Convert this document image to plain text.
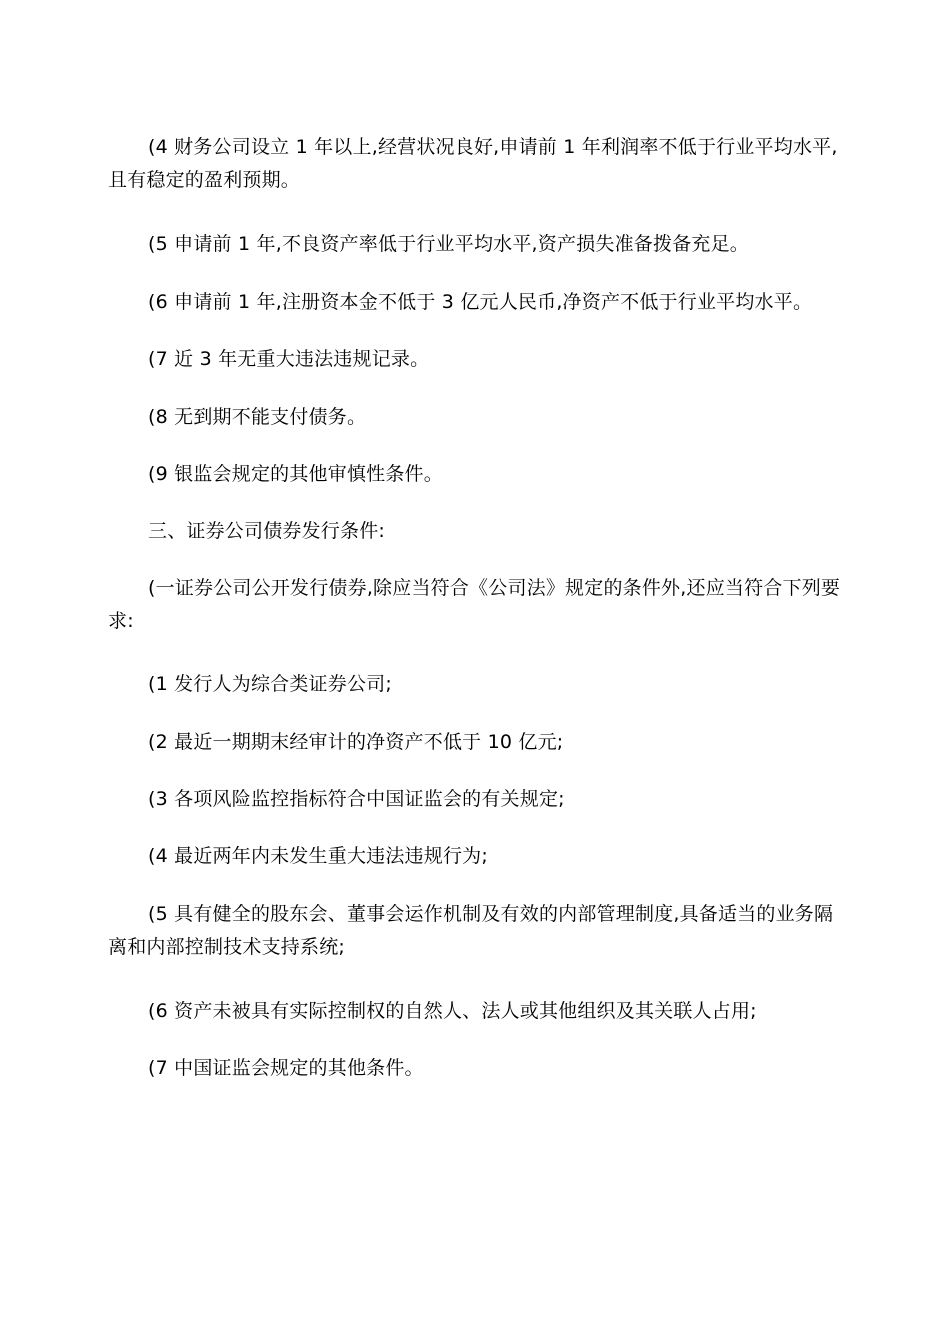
(4 财务公司设立 1 年以上,经营状况良好,申请前 1 年利润率不低于行业平均水平,且有稳定的盈利预期。

(5 申请前 1 年,不良资产率低于行业平均水平,资产损失准备拨备充足。

(6 申请前 1 年,注册资本金不低于 3 亿元人民币,净资产不低于行业平均水平。

(7 近 3 年无重大违法违规记录。

(8 无到期不能支付债务。

(9 银监会规定的其他审慎性条件。

三、证券公司债券发行条件:

(一证券公司公开发行债券,除应当符合《公司法》规定的条件外,还应当符合下列要求:

(1 发行人为综合类证券公司;

(2 最近一期期末经审计的净资产不低于 10 亿元;

(3 各项风险监控指标符合中国证监会的有关规定;

(4 最近两年内未发生重大违法违规行为;

(5 具有健全的股东会、董事会运作机制及有效的内部管理制度,具备适当的业务隔离和内部控制技术支持系统;

(6 资产未被具有实际控制权的自然人、法人或其他组织及其关联人占用;

(7 中国证监会规定的其他条件。
